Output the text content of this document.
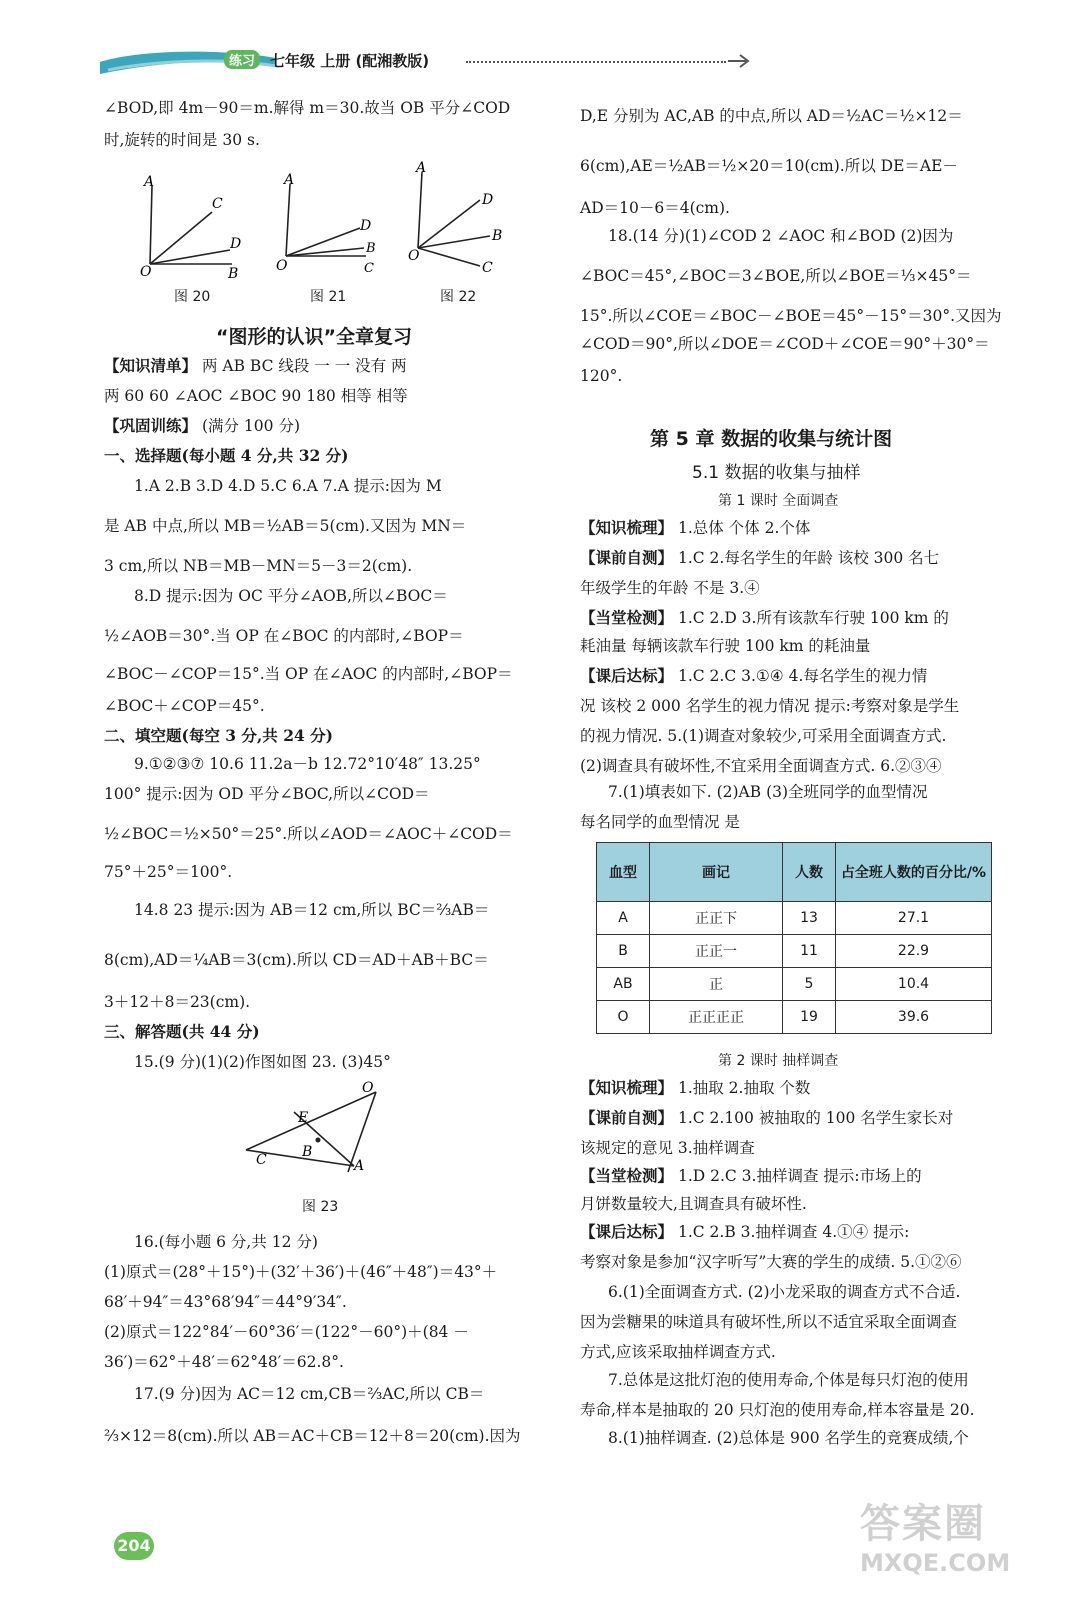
练习 七年级 上册 (配湘教版)
∠BOD,即 4m－90＝m.解得 m＝30.故当 OB 平分∠COD
时,旋转的时间是 30 s.
A
C
D
O	B
图 20
A
D
B
O	C
图 21
A
D
B
O
C
图 22
“图形的认识”全章复习
【知识清单】 两 AB BC 线段 一 一 没有 两
两 60 60 ∠AOC ∠BOC 90 180 相等 相等
【巩固训练】 (满分 100 分)
一、选择题(每小题 4 分,共 32 分)
1.A 2.B 3.D 4.D 5.C 6.A 7.A 提示:因为 M
是 AB 中点,所以 MB＝½AB＝5(cm).又因为 MN＝
3 cm,所以 NB＝MB－MN＝5－3＝2(cm).
8.D 提示:因为 OC 平分∠AOB,所以∠BOC＝
½∠AOB＝30°.当 OP 在∠BOC 的内部时,∠BOP＝
∠BOC－∠COP＝15°.当 OP 在∠AOC 的内部时,∠BOP＝
∠BOC＋∠COP＝45°.
二、填空题(每空 3 分,共 24 分)
9.①②③⑦ 10.6 11.2a－b 12.72°10′48″ 13.25°
100° 提示:因为 OD 平分∠BOC,所以∠COD＝
½∠BOC＝½×50°＝25°.所以∠AOD＝∠AOC＋∠COD＝
75°＋25°＝100°.
14.8 23 提示:因为 AB＝12 cm,所以 BC＝⅔AB＝
8(cm),AD＝¼AB＝3(cm).所以 CD＝AD＋AB＋BC＝
3＋12＋8＝23(cm).
三、解答题(共 44 分)
15.(9 分)(1)(2)作图如图 23. (3)45°
O
E
B
C	A
图 23
16.(每小题 6 分,共 12 分)
(1)原式＝(28°＋15°)＋(32′＋36′)＋(46″＋48″)＝43°＋
68′＋94″＝43°68′94″＝44°9′34″.
(2)原式＝122°84′－60°36′＝(122°－60°)＋(84 －
36′)＝62°＋48′＝62°48′＝62.8°.
17.(9 分)因为 AC＝12 cm,CB＝⅔AC,所以 CB＝
⅔×12＝8(cm).所以 AB＝AC＋CB＝12＋8＝20(cm).因为
D,E 分别为 AC,AB 的中点,所以 AD＝½AC＝½×12＝
6(cm),AE＝½AB＝½×20＝10(cm).所以 DE＝AE－
AD＝10－6＝4(cm).
18.(14 分)(1)∠COD 2 ∠AOC 和∠BOD (2)因为
∠BOC＝45°,∠BOC＝3∠BOE,所以∠BOE＝⅓×45°＝
15°.所以∠COE＝∠BOC－∠BOE＝45°－15°＝30°.又因为
∠COD＝90°,所以∠DOE＝∠COD＋∠COE＝90°＋30°＝
120°.
第 5 章 数据的收集与统计图
5.1 数据的收集与抽样
第 1 课时 全面调查
【知识梳理】 1.总体 个体 2.个体
【课前自测】 1.C 2.每名学生的年龄 该校 300 名七
年级学生的年龄 不是 3.④
【当堂检测】 1.C 2.D 3.所有该款车行驶 100 km 的
耗油量 每辆该款车行驶 100 km 的耗油量
【课后达标】 1.C 2.C 3.①④ 4.每名学生的视力情
况 该校 2 000 名学生的视力情况 提示:考察对象是学生
的视力情况. 5.(1)调查对象较少,可采用全面调查方式.
(2)调查具有破坏性,不宜采用全面调查方式. 6.②③④
7.(1)填表如下. (2)AB (3)全班同学的血型情况
每名同学的血型情况 是
血型	画记	人数	占全班人数的百分比/%
A	正正下	13	27.1
B	正正一	11	22.9
AB	正	5	10.4
O	正正正正	19	39.6
第 2 课时 抽样调查
【知识梳理】 1.抽取 2.抽取 个数
【课前自测】 1.C 2.100 被抽取的 100 名学生家长对
该规定的意见 3.抽样调查
【当堂检测】 1.D 2.C 3.抽样调查 提示:市场上的
月饼数量较大,且调查具有破坏性.
【课后达标】 1.C 2.B 3.抽样调查 4.①④ 提示:
考察对象是参加“汉字听写”大赛的学生的成绩. 5.①②⑥
6.(1)全面调查方式. (2)小龙采取的调查方式不合适.
因为尝糖果的味道具有破坏性,所以不适宜采取全面调查
方式,应该采取抽样调查方式.
7.总体是这批灯泡的使用寿命,个体是每只灯泡的使用
寿命,样本是抽取的 20 只灯泡的使用寿命,样本容量是 20.
8.(1)抽样调查. (2)总体是 900 名学生的竞赛成绩,个
204	答案圈
MXQE.COM
